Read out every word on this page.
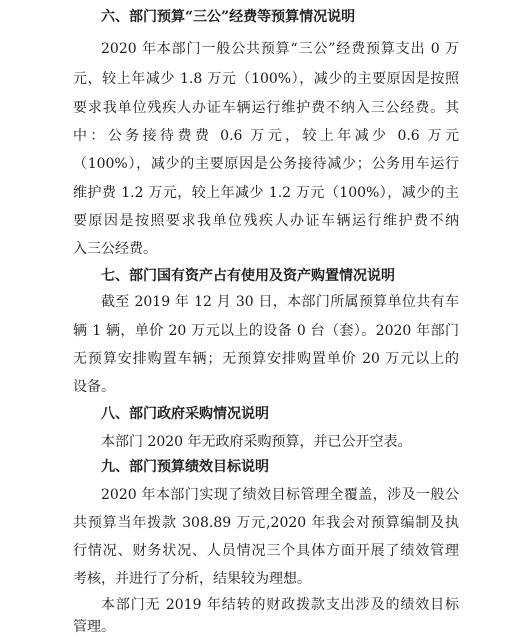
六、部门预算“三公”经费等预算情况说明
2020 年本部门一般公共预算“三公”经费预算支出 0 万
元，较上年减少 1.8 万元（100%），减少的主要原因是按照
要求我单位残疾人办证车辆运行维护费不纳入三公经费。其
中：公务接待费费 0.6 万元，较上年减少 0.6 万元
（100%），减少的主要原因是公务接待减少；公务用车运行
维护费 1.2 万元，较上年减少 1.2 万元（100%），减少的主
要原因是按照要求我单位残疾人办证车辆运行维护费不纳
入三公经费。
七、部门国有资产占有使用及资产购置情况说明
截至 2019 年 12 月 30 日，本部门所属预算单位共有车
辆 1 辆，单价 20 万元以上的设备 0 台（套）。2020 年部门
无预算安排购置车辆；无预算安排购置单价 20 万元以上的
设备。
八、部门政府采购情况说明
本部门 2020 年无政府采购预算，并已公开空表。
九、部门预算绩效目标说明
2020 年本部门实现了绩效目标管理全覆盖，涉及一般公
共预算当年拨款 308.89 万元,2020 年我会对预算编制及执
行情况、财务状况、人员情况三个具体方面开展了绩效管理
考核，并进行了分析，结果较为理想。
本部门无 2019 年结转的财政拨款支出涉及的绩效目标
管理。
